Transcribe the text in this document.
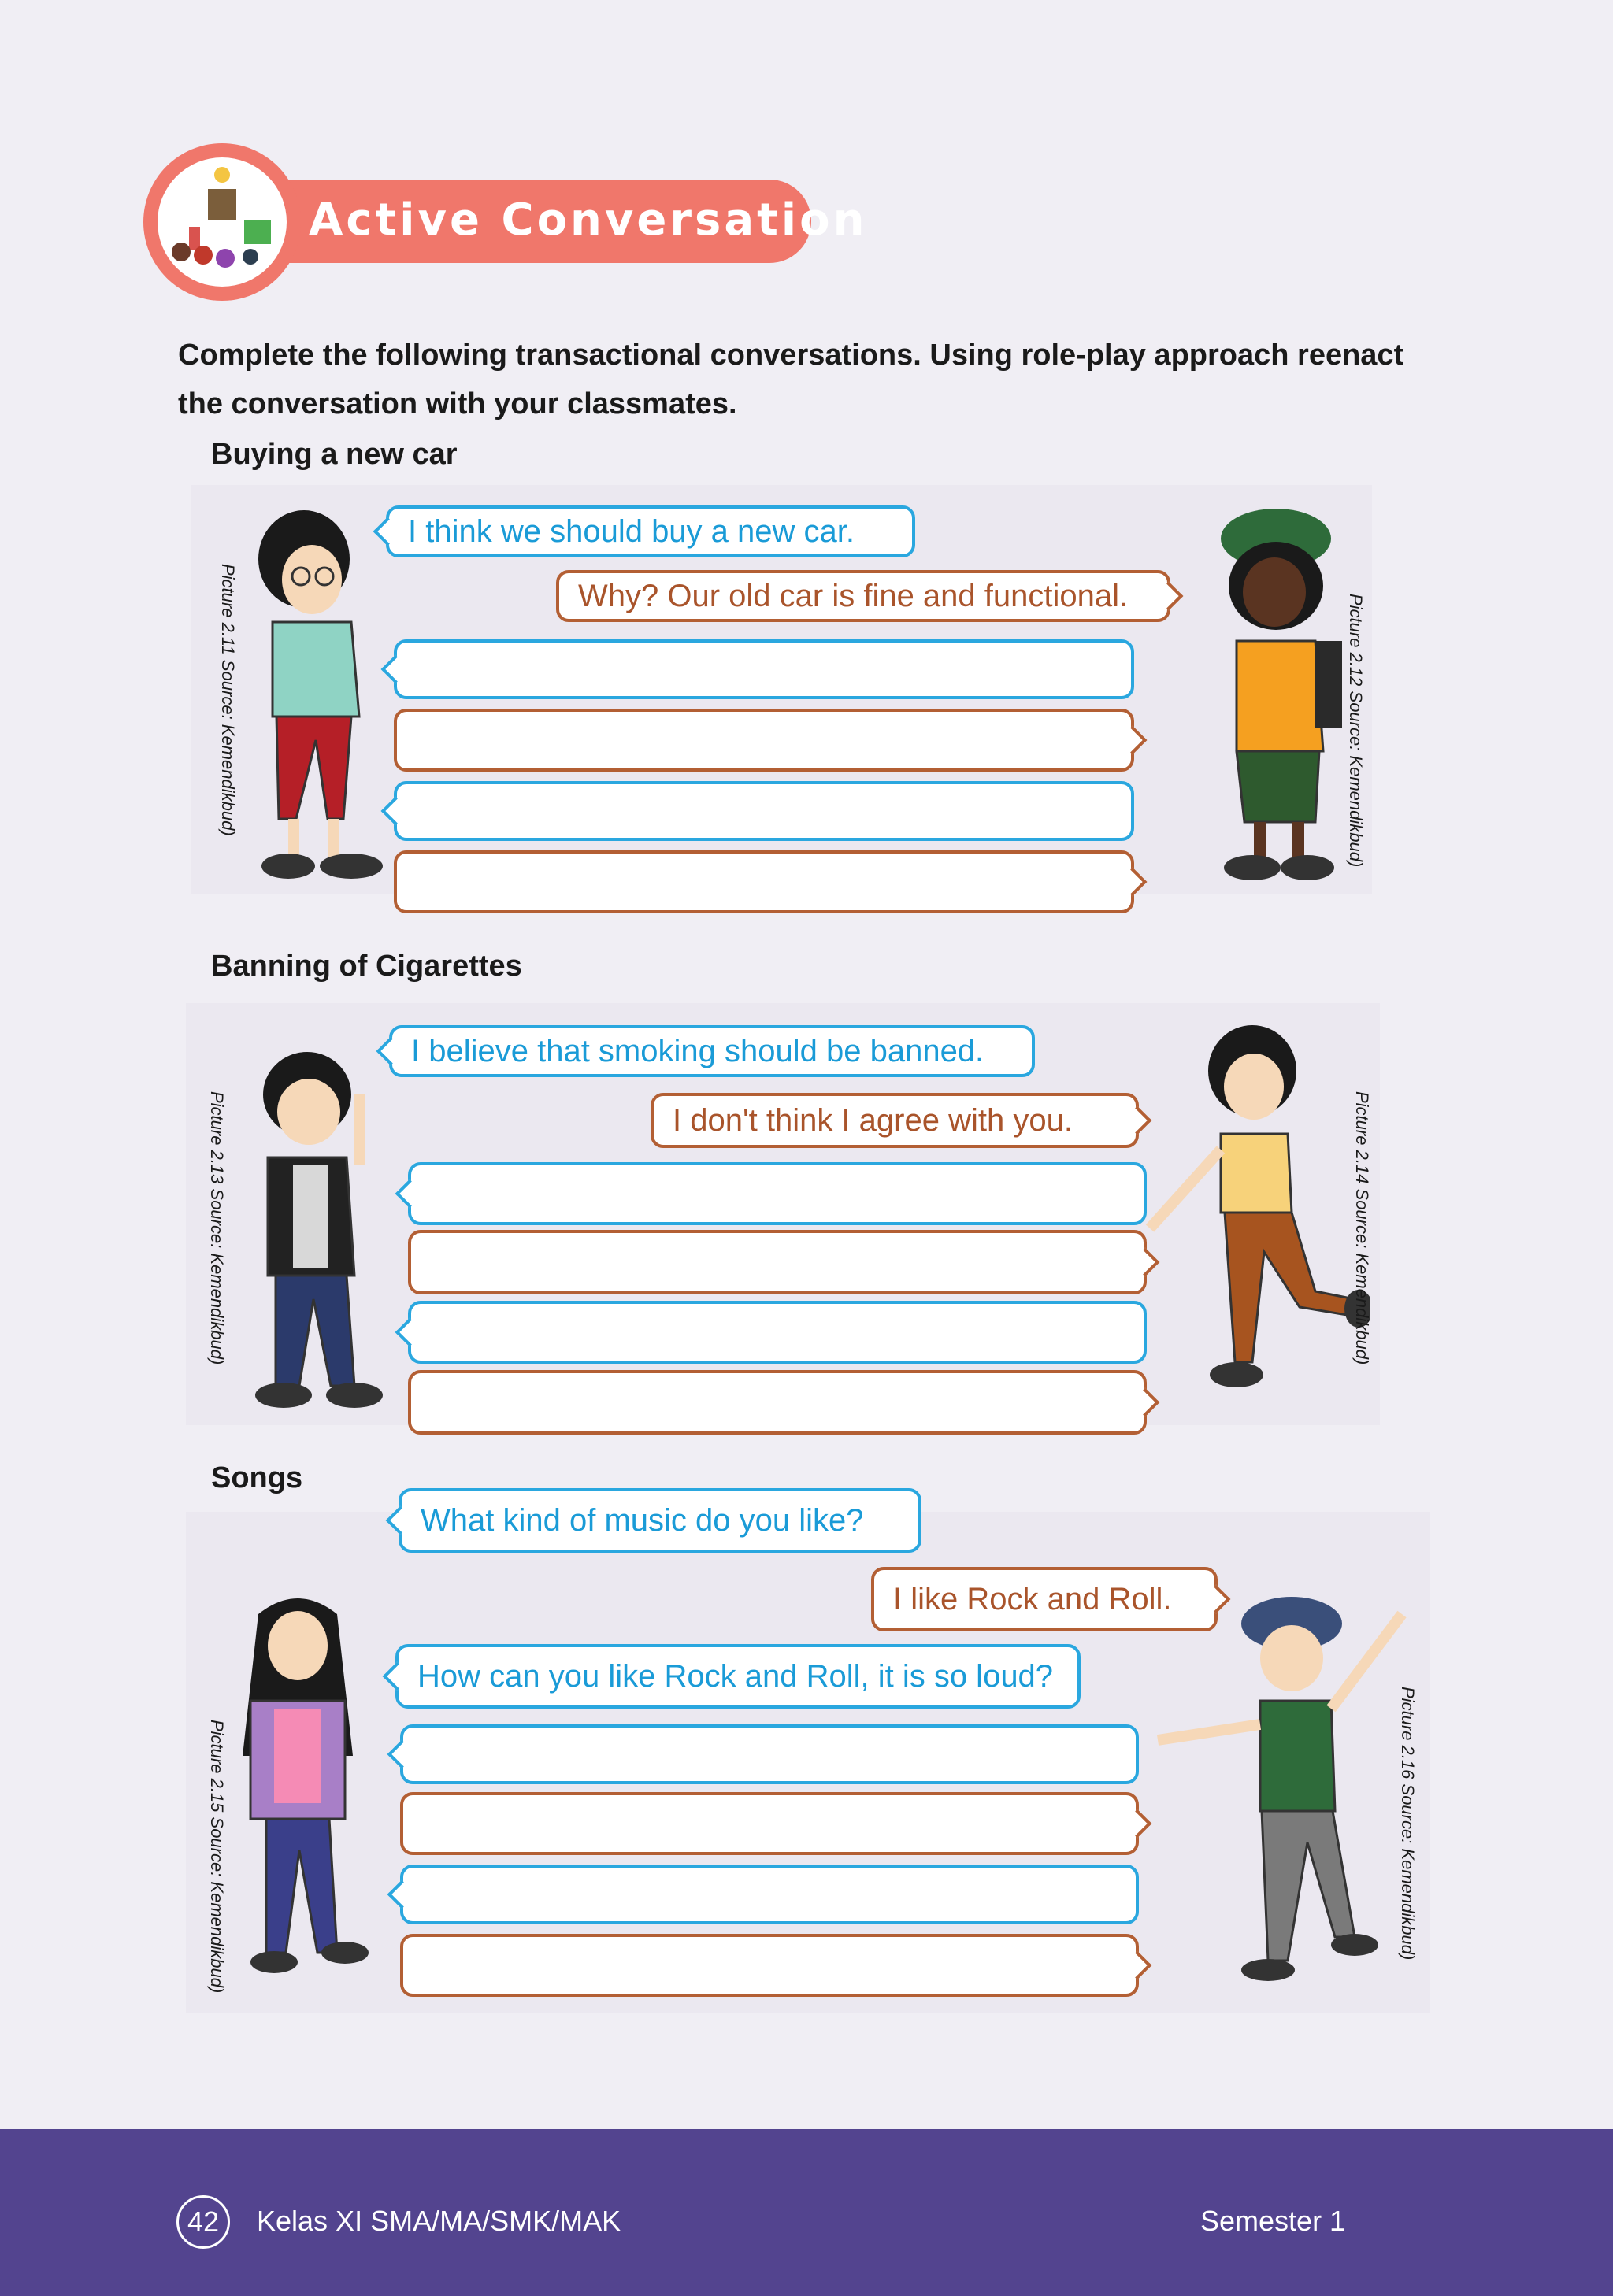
Active Conversation
Complete the following transactional conversations. Using role-play approach reenact the conversation with your classmates.
Buying a new car
Picture 2.11 Source: Kemendikbud)	Picture 2.12 Source: Kemendikbud)
I think we should buy a new car.
Why? Our old car is fine and functional.
Banning of Cigarettes
Picture 2.13 Source: Kemendikbud)	Picture 2.14 Source: Kemendikbud)
I believe that smoking should be banned.
I don't think I agree with you.
Songs
Picture 2.15 Source: Kemendikbud)	Picture 2.16 Source: Kemendikbud)
What kind of music do you like?
I like Rock and Roll.
How can you like Rock and Roll, it is so loud?
42	Kelas XI SMA/MA/SMK/MAK	Semester 1
